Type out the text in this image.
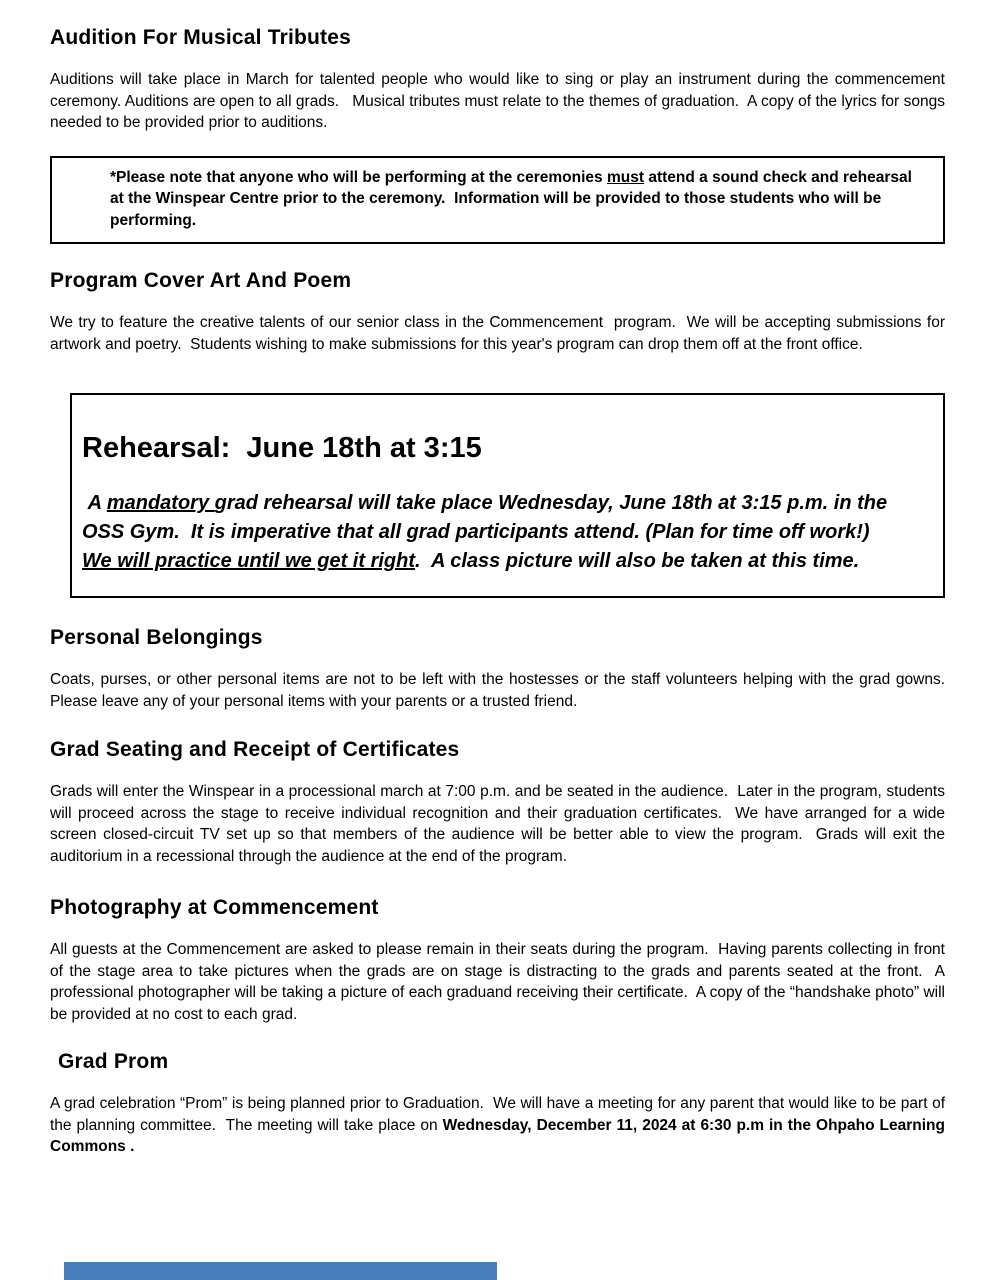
Audition For Musical Tributes

Auditions will take place in March for talented people who would like to sing or play an instrument during the commencement ceremony. Auditions are open to all grads.   Musical tributes must relate to the themes of graduation.  A copy of the lyrics for songs needed to be provided prior to auditions.

*Please note that anyone who will be performing at the ceremonies must attend a sound check and rehearsal at the Winspear Centre prior to the ceremony.  Information will be provided to those students who will be performing.
Program Cover Art And Poem

We try to feature the creative talents of our senior class in the Commencement  program.  We will be accepting submissions for artwork and poetry.  Students wishing to make submissions for this year's program can drop them off at the front office.

Rehearsal:  June 18th at 3:15
A mandatory grad rehearsal will take place Wednesday, June 18th at 3:15 p.m. in the OSS Gym.  It is imperative that all grad participants attend. (Plan for time off work!)  We will practice until we get it right.  A class picture will also be taken at this time.
Personal Belongings

Coats, purses, or other personal items are not to be left with the hostesses or the staff volunteers helping with the grad gowns.  Please leave any of your personal items with your parents or a trusted friend.

Grad Seating and Receipt of Certificates

Grads will enter the Winspear in a processional march at 7:00 p.m. and be seated in the audience.  Later in the program, students will proceed across the stage to receive individual recognition and their graduation certificates.  We have arranged for a wide screen closed-circuit TV set up so that members of the audience will be better able to view the program.  Grads will exit the auditorium in a recessional through the audience at the end of the program.

Photography at Commencement

All guests at the Commencement are asked to please remain in their seats during the program.  Having parents collecting in front of the stage area to take pictures when the grads are on stage is distracting to the grads and parents seated at the front.  A professional photographer will be taking a picture of each graduand receiving their certificate.  A copy of the “handshake photo” will be provided at no cost to each grad.

Grad Prom

A grad celebration “Prom” is being planned prior to Graduation.  We will have a meeting for any parent that would like to be part of the planning committee.  The meeting will take place on Wednesday, December 11, 2024 at 6:30 p.m in the Ohpaho Learning Commons .
